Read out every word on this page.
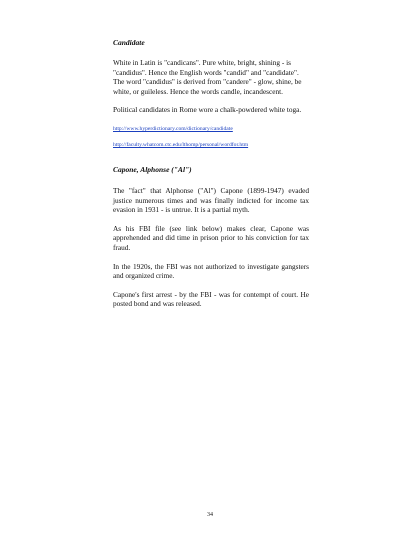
Candidate

White in Latin is "candicans". Pure white, bright, shining - is "candidus". Hence the English words "candid" and "candidate". The word "candidus" is derived from "candere" - glow, shine, be white, or guileless. Hence the words candle, incandescent.

Political candidates in Rome wore a chalk-powdered white toga.

http://www.hyperdictionary.com/dictionary/candidate
http://faculty.whatcom.ctc.edu/lthomp/personal/wordfor.htm

Capone, Alphonse ("Al")

The "fact" that Alphonse ("Al") Capone (1899-1947) evaded justice numerous times and was finally indicted for income tax evasion in 1931 - is untrue. It is a partial myth.

As his FBI file (see link below) makes clear, Capone was apprehended and did time in prison prior to his conviction for tax fraud.

In the 1920s, the FBI was not authorized to investigate gangsters and organized crime.

Capone's first arrest - by the FBI - was for contempt of court. He posted bond and was released.

34
